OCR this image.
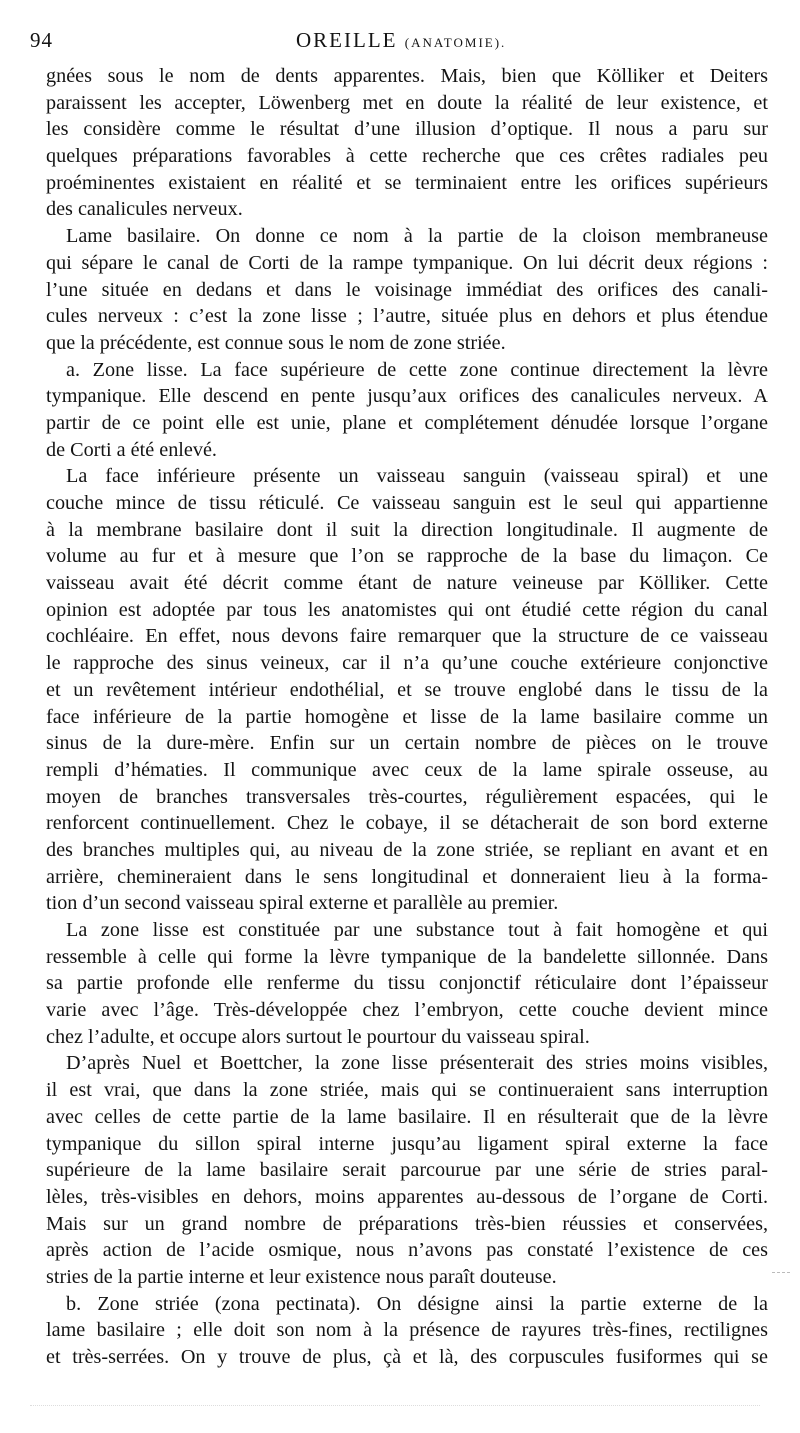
94	OREILLE (ANATOMIE).
gnées sous le nom de dents apparentes. Mais, bien que Kölliker et Deiters
paraissent les accepter, Löwenberg met en doute la réalité de leur existence, et
les considère comme le résultat d’une illusion d’optique. Il nous a paru sur
quelques préparations favorables à cette recherche que ces crêtes radiales peu
proéminentes existaient en réalité et se terminaient entre les orifices supérieurs
des canalicules nerveux.
Lame basilaire. On donne ce nom à la partie de la cloison membraneuse
qui sépare le canal de Corti de la rampe tympanique. On lui décrit deux régions :
l’une située en dedans et dans le voisinage immédiat des orifices des canali-
cules nerveux : c’est la zone lisse ; l’autre, située plus en dehors et plus étendue
que la précédente, est connue sous le nom de zone striée.
a. Zone lisse. La face supérieure de cette zone continue directement la lèvre
tympanique. Elle descend en pente jusqu’aux orifices des canalicules nerveux. A
partir de ce point elle est unie, plane et complétement dénudée lorsque l’organe
de Corti a été enlevé.
La face inférieure présente un vaisseau sanguin (vaisseau spiral) et une
couche mince de tissu réticulé. Ce vaisseau sanguin est le seul qui appartienne
à la membrane basilaire dont il suit la direction longitudinale. Il augmente de
volume au fur et à mesure que l’on se rapproche de la base du limaçon. Ce
vaisseau avait été décrit comme étant de nature veineuse par Kölliker. Cette
opinion est adoptée par tous les anatomistes qui ont étudié cette région du canal
cochléaire. En effet, nous devons faire remarquer que la structure de ce vaisseau
le rapproche des sinus veineux, car il n’a qu’une couche extérieure conjonctive
et un revêtement intérieur endothélial, et se trouve englobé dans le tissu de la
face inférieure de la partie homogène et lisse de la lame basilaire comme un
sinus de la dure-mère. Enfin sur un certain nombre de pièces on le trouve
rempli d’hématies. Il communique avec ceux de la lame spirale osseuse, au
moyen de branches transversales très-courtes, régulièrement espacées, qui le
renforcent continuellement. Chez le cobaye, il se détacherait de son bord externe
des branches multiples qui, au niveau de la zone striée, se repliant en avant et en
arrière, chemineraient dans le sens longitudinal et donneraient lieu à la forma-
tion d’un second vaisseau spiral externe et parallèle au premier.
La zone lisse est constituée par une substance tout à fait homogène et qui
ressemble à celle qui forme la lèvre tympanique de la bandelette sillonnée. Dans
sa partie profonde elle renferme du tissu conjonctif réticulaire dont l’épaisseur
varie avec l’âge. Très-développée chez l’embryon, cette couche devient mince
chez l’adulte, et occupe alors surtout le pourtour du vaisseau spiral.
D’après Nuel et Boettcher, la zone lisse présenterait des stries moins visibles,
il est vrai, que dans la zone striée, mais qui se continueraient sans interruption
avec celles de cette partie de la lame basilaire. Il en résulterait que de la lèvre
tympanique du sillon spiral interne jusqu’au ligament spiral externe la face
supérieure de la lame basilaire serait parcourue par une série de stries paral-
lèles, très-visibles en dehors, moins apparentes au-dessous de l’organe de Corti.
Mais sur un grand nombre de préparations très-bien réussies et conservées,
après action de l’acide osmique, nous n’avons pas constaté l’existence de ces
stries de la partie interne et leur existence nous paraît douteuse.
b. Zone striée (zona pectinata). On désigne ainsi la partie externe de la
lame basilaire ; elle doit son nom à la présence de rayures très-fines, rectilignes
et très-serrées. On y trouve de plus, çà et là, des corpuscules fusiformes qui se
